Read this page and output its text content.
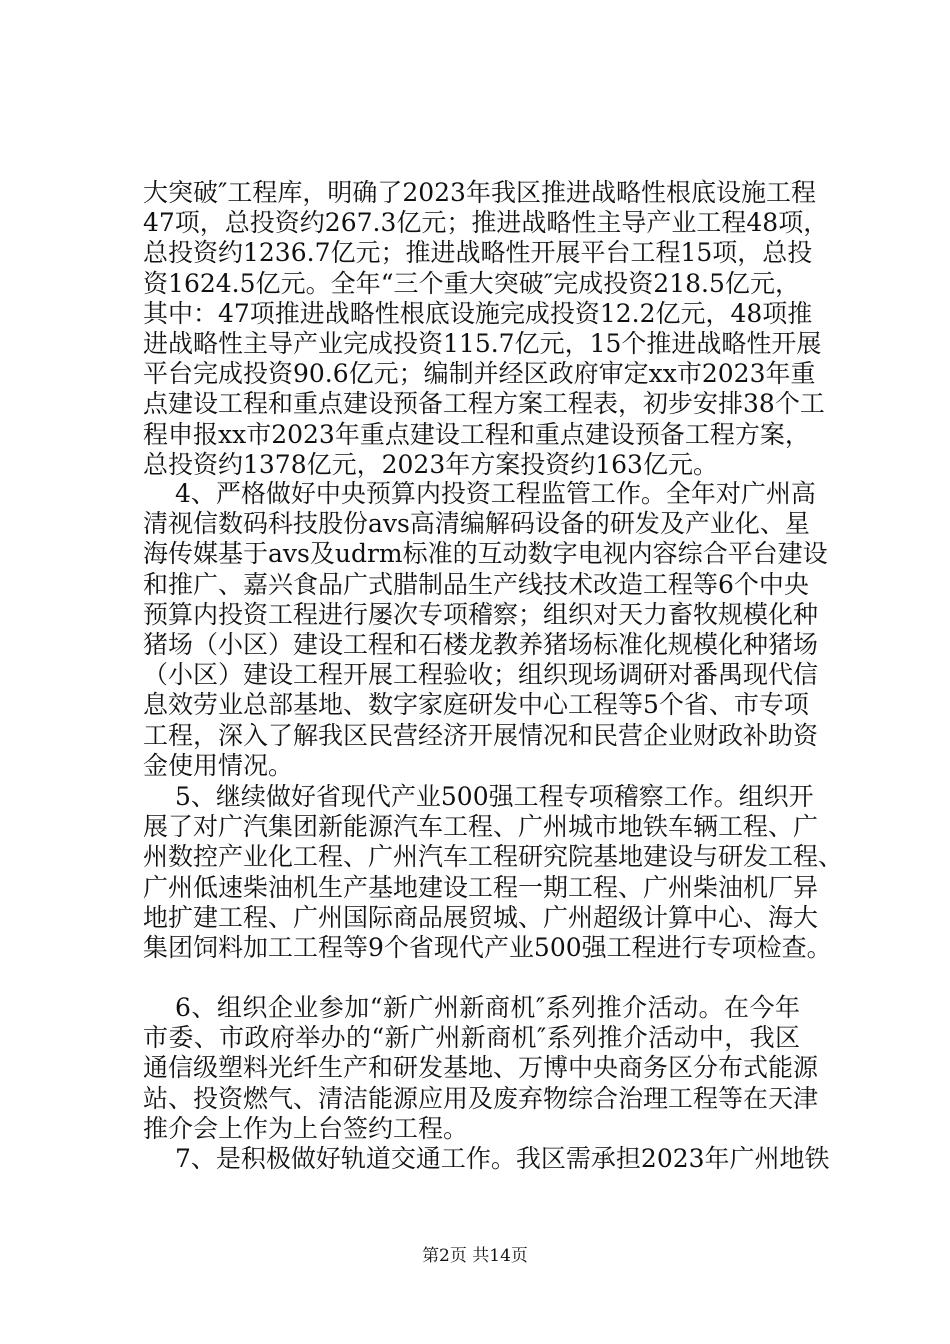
大突破″工程库，明确了2023年我区推进战略性根底设施工程
47项，总投资约267.3亿元；推进战略性主导产业工程48项，
总投资约1236.7亿元；推进战略性开展平台工程15项，总投
资1624.5亿元。全年“三个重大突破″完成投资218.5亿元，
其中：47项推进战略性根底设施完成投资12.2亿元，48项推
进战略性主导产业完成投资115.7亿元，15个推进战略性开展
平台完成投资90.6亿元；编制并经区政府审定xx市2023年重
点建设工程和重点建设预备工程方案工程表，初步安排38个工
程申报xx市2023年重点建设工程和重点建设预备工程方案，
总投资约1378亿元，2023年方案投资约163亿元。
4、严格做好中央预算内投资工程监管工作。全年对广州高
清视信数码科技股份avs高清编解码设备的研发及产业化、星
海传媒基于avs及udrm标准的互动数字电视内容综合平台建设
和推广、嘉兴食品广式腊制品生产线技术改造工程等6个中央
预算内投资工程进行屡次专项稽察；组织对天力畜牧规模化种
猪场（小区）建设工程和石楼龙教养猪场标准化规模化种猪场
（小区）建设工程开展工程验收；组织现场调研对番禺现代信
息效劳业总部基地、数字家庭研发中心工程等5个省、市专项
工程，深入了解我区民营经济开展情况和民营企业财政补助资
金使用情况。
5、继续做好省现代产业500强工程专项稽察工作。组织开
展了对广汽集团新能源汽车工程、广州城市地铁车辆工程、广
州数控产业化工程、广州汽车工程研究院基地建设与研发工程、
广州低速柴油机生产基地建设工程一期工程、广州柴油机厂异
地扩建工程、广州国际商品展贸城、广州超级计算中心、海大
集团饲料加工工程等9个省现代产业500强工程进行专项检查。
6、组织企业参加“新广州新商机″系列推介活动。在今年
市委、市政府举办的“新广州新商机″系列推介活动中，我区
通信级塑料光纤生产和研发基地、万博中央商务区分布式能源
站、投资燃气、清洁能源应用及废弃物综合治理工程等在天津
推介会上作为上台签约工程。
7、是积极做好轨道交通工作。我区需承担2023年广州地铁
第2页 共14页
